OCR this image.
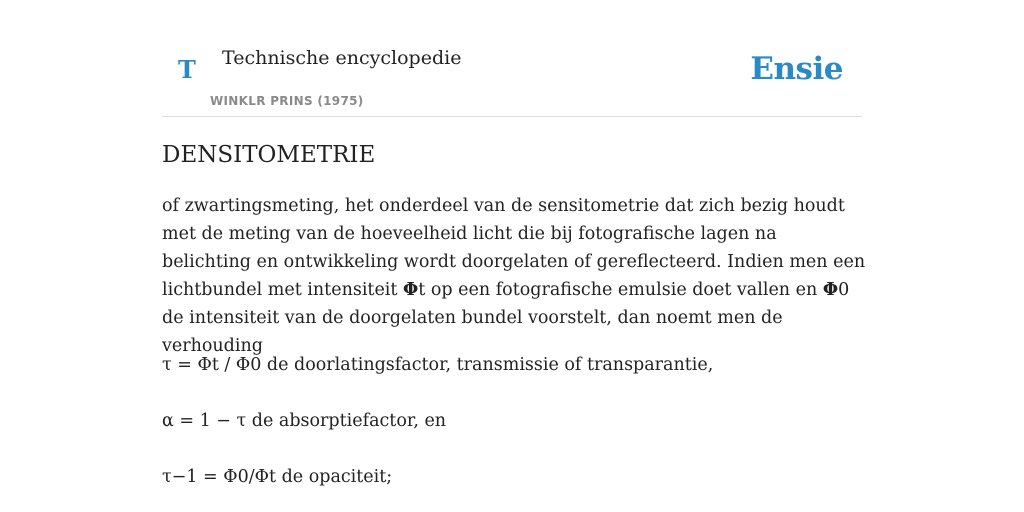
T Technische encyclopedie
WINKLR PRINS (1975)
Ensie
DENSITOMETRIE

of zwartingsmeting, het onderdeel van de sensitometrie dat zich bezig houdt met de meting van de hoeveelheid licht die bij fotografische lagen na belichting en ontwikkeling wordt doorgelaten of gereflecteerd. Indien men een lichtbundel met intensiteit Φt op een fotografische emulsie doet vallen en Φ0 de intensiteit van de doorgelaten bundel voorstelt, dan noemt men de verhouding

τ = Φt / Φ0 de doorlatingsfactor, transmissie of transparantie,
α = 1 − τ de absorptiefactor, en
τ−1 = Φ0/Φt de opaciteit;
